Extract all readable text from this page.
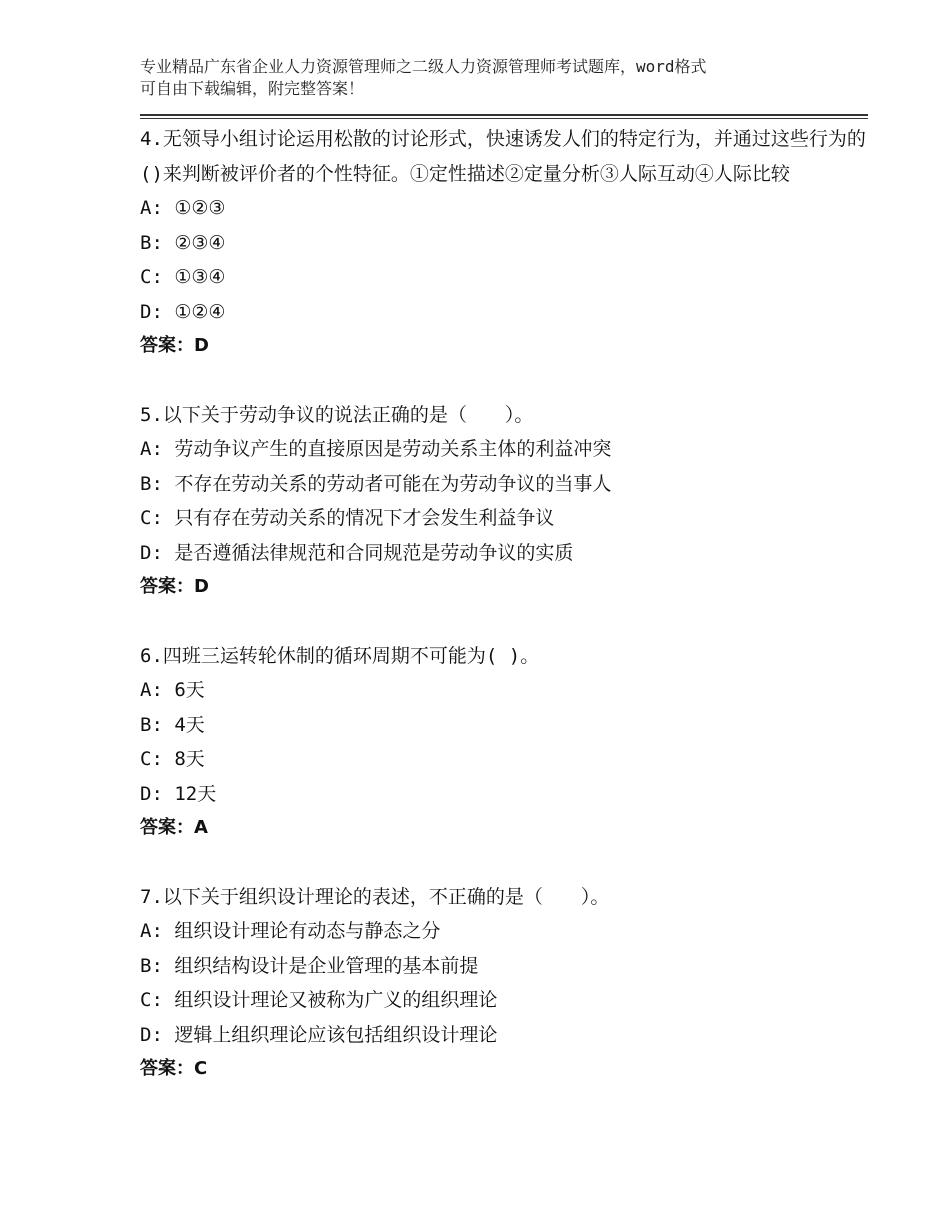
专业精品广东省企业人力资源管理师之二级人力资源管理师考试题库，word格式
可自由下载编辑，附完整答案！
4.无领导小组讨论运用松散的讨论形式，快速诱发人们的特定行为，并通过这些行为的()来判断被评价者的个性特征。①定性描述②定量分析③人际互动④人际比较
A: ①②③
B: ②③④
C: ①③④
D: ①②④
答案：D
5.以下关于劳动争议的说法正确的是（　　）。
A: 劳动争议产生的直接原因是劳动关系主体的利益冲突
B: 不存在劳动关系的劳动者可能在为劳动争议的当事人
C: 只有存在劳动关系的情况下才会发生利益争议
D: 是否遵循法律规范和合同规范是劳动争议的实质
答案：D
6.四班三运转轮休制的循环周期不可能为( )。
A: 6天
B: 4天
C: 8天
D: 12天
答案：A
7.以下关于组织设计理论的表述，不正确的是（　　）。
A: 组织设计理论有动态与静态之分
B: 组织结构设计是企业管理的基本前提
C: 组织设计理论又被称为广义的组织理论
D: 逻辑上组织理论应该包括组织设计理论
答案：C
